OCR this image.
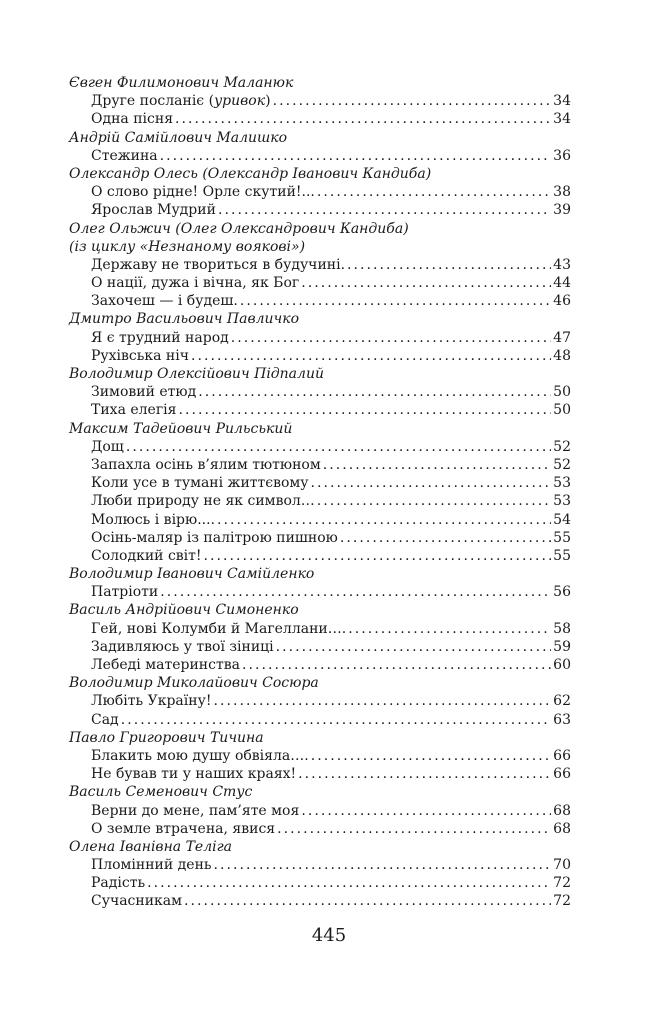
Євген Филимонович Маланюк
Друге посланіє (уривок) . . .	34
Одна пісня . . .	34
Андрій Самійлович Малишко
Стежина . . .	36
Олександр Олесь (Олександр Іванович Кандиба)
О слово рідне! Орле скутий!... . . .	38
Ярослав Мудрий . . .	39
Олег Ольжич (Олег Олександрович Кандиба)
(із циклу «Незнаному воякові»)
Державу не твориться в будучині. . . .	43
О нації, дужа і вічна, як Бог . . .	44
Захочеш — і будеш. . . .	46
Дмитро Васильович Павличко
Я є трудний народ . . .	47
Рухівська ніч . . .	48
Володимир Олексійович Підпалий
Зимовий етюд . . .	50
Тиха елегія . . .	50
Максим Тадейович Рильський
Дощ . . .	52
Запахла осінь в’ялим тютюном . . .	52
Коли усе в тумані життєвому . . .	53
Люби природу не як символ… . . .	53
Молюсь і вірю.... . . .	54
Осінь-маляр із палітрою пишною . . .	55
Солодкий світ! . . .	55
Володимир Іванович Самійленко
Патріоти . . .	56
Василь Андрійович Симоненко
Гей, нові Колумби й Магеллани…. . . .	58
Задивляюсь у твої зіниці . . .	59
Лебеді материнства . . .	60
Володимир Миколайович Сосюра
Любіть Україну! . . .	62
Сад . . .	63
Павло Григорович Тичина
Блакить мою душу обвіяла…. . . .	66
Не бував ти у наших краях! . . .	66
Василь Семенович Стус
Верни до мене, пам’яте моя . . .	68
О земле втрачена, явися . . .	68
Олена Іванівна Теліга
Пломінний день . . .	70
Радість . . .	72
Сучасникам . . .	72
445
